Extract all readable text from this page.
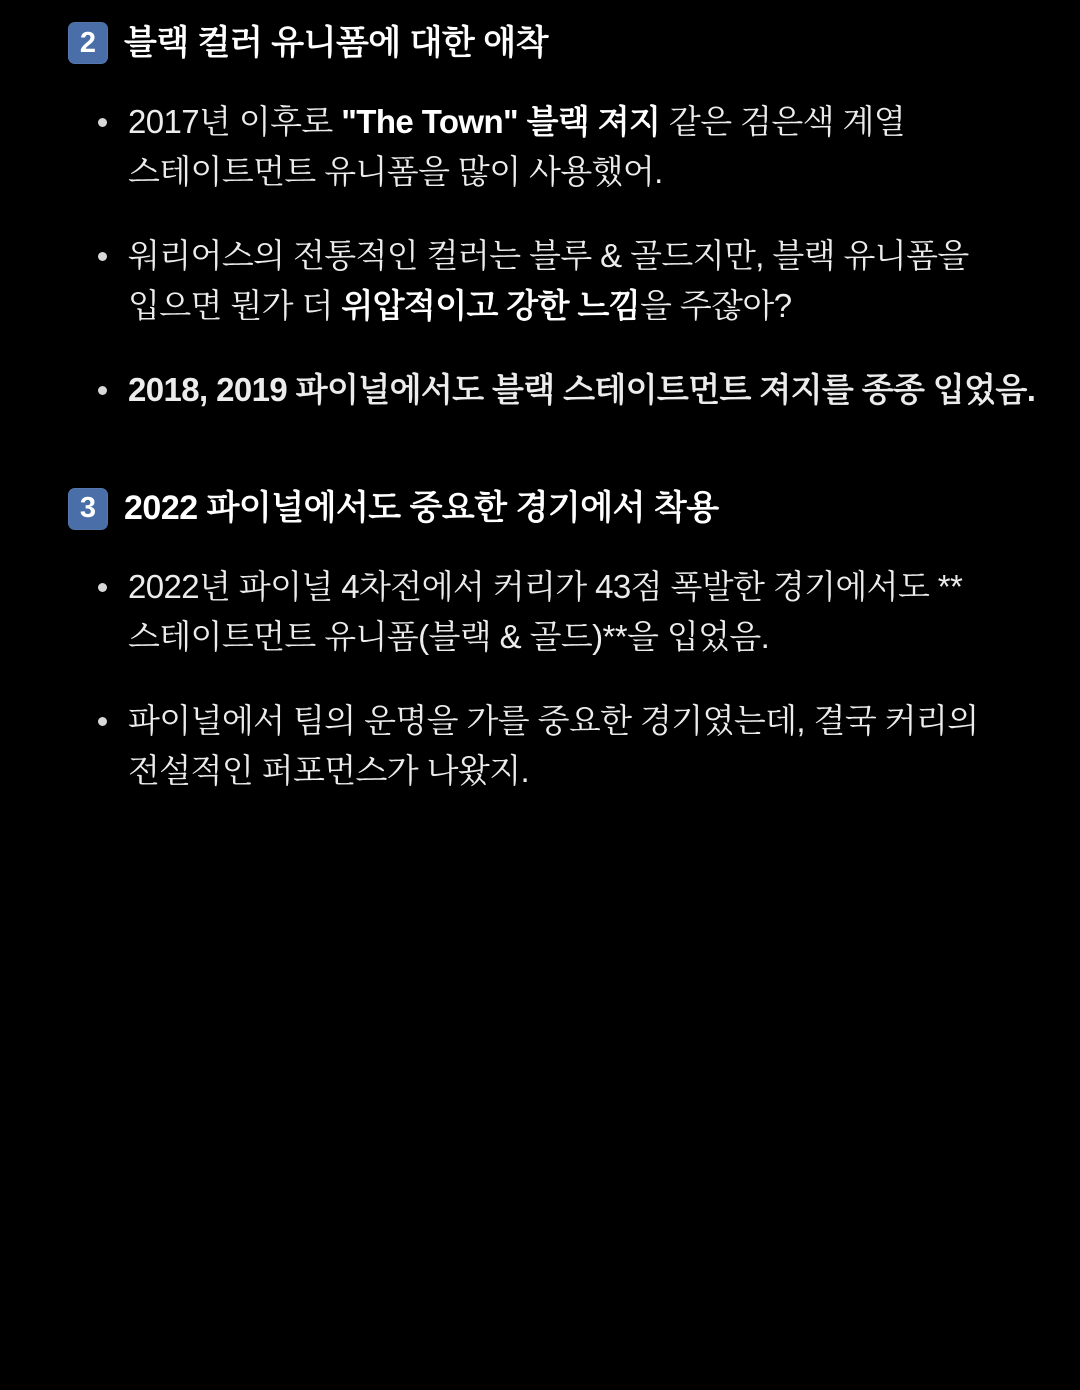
2 블랙 컬러 유니폼에 대한 애착
2017년 이후로 "The Town" 블랙 져지 같은 검은색 계열 스테이트먼트 유니폼을 많이 사용했어.
워리어스의 전통적인 컬러는 블루 & 골드지만, 블랙 유니폼을 입으면 뭔가 더 위압적이고 강한 느낌을 주잖아?
2018, 2019 파이널에서도 블랙 스테이트먼트 져지를 종종 입었음.
3 2022 파이널에서도 중요한 경기에서 착용
2022년 파이널 4차전에서 커리가 43점 폭발한 경기에서도 **스테이트먼트 유니폼(블랙 & 골드)**을 입었음.
파이널에서 팀의 운명을 가를 중요한 경기였는데, 결국 커리의 전설적인 퍼포먼스가 나왔지.
